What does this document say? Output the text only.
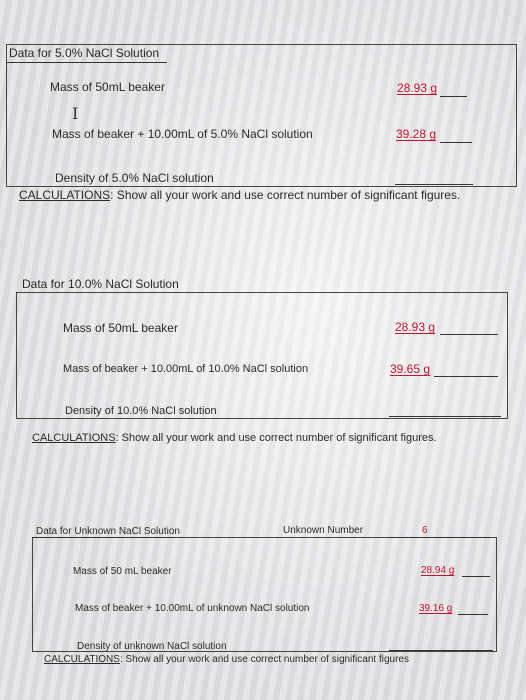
Data for 5.0% NaCl Solution
Mass of 50mL beaker	28.93 g
I
Mass of beaker + 10.00mL of 5.0% NaCl solution	39.28 g
Density of 5.0% NaCl solution
CALCULATIONS: Show all your work and use correct number of significant figures.
Data for 10.0% NaCl Solution
Mass of 50mL beaker	28.93 g
Mass of beaker + 10.00mL of 10.0% NaCl solution	39.65 g
Density of 10.0% NaCl solution
CALCULATIONS: Show all your work and use correct number of significant figures.
Data for Unknown NaCl Solution	Unknown Number	6
Mass of 50 mL beaker	28.94 g
Mass of beaker + 10.00mL of unknown NaCl solution	39.16 g
Density of unknown NaCl solution
CALCULATIONS: Show all your work and use correct number of significant figures
